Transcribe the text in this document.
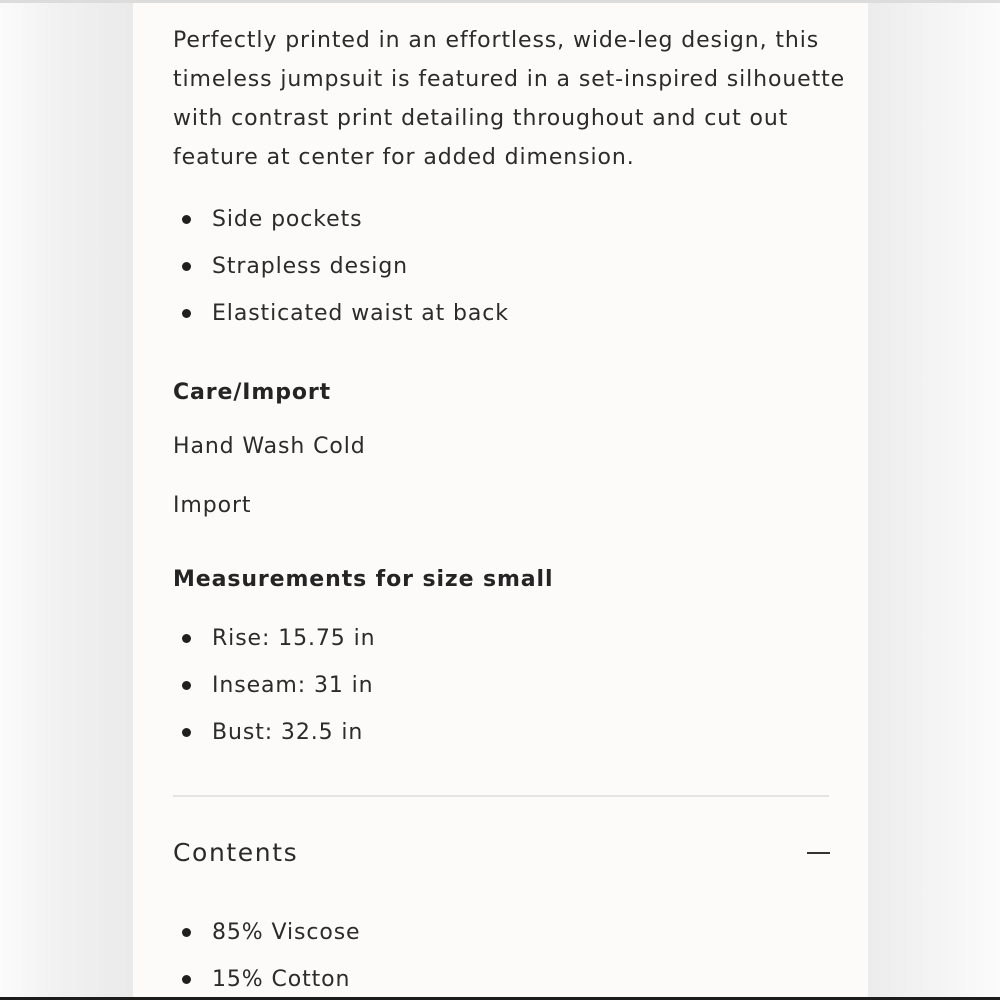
Perfectly printed in an effortless, wide-leg design, this
timeless jumpsuit is featured in a set-inspired silhouette
with contrast print detailing throughout and cut out
feature at center for added dimension.
Side pockets
Strapless design
Elasticated waist at back
Care/Import
Hand Wash Cold
Import
Measurements for size small
Rise: 15.75 in
Inseam: 31 in
Bust: 32.5 in
Contents
85% Viscose
15% Cotton
